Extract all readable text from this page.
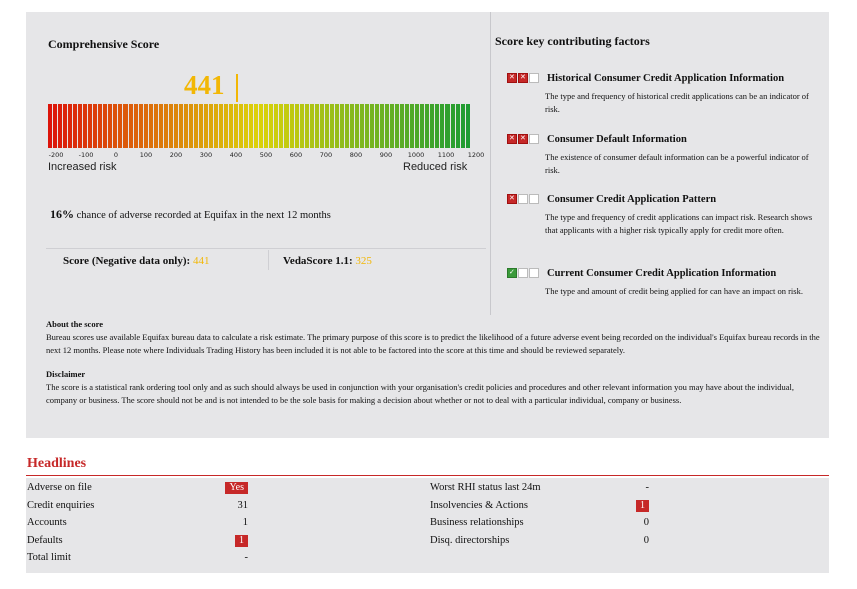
Comprehensive Score
441
-200 -100	0	100	200	300	400	500	600	700	800	900 1000 1100 1200
Increased risk	Reduced risk
16% chance of adverse recorded at Equifax in the next 12 months
Score (Negative data only): 441	VedaScore 1.1: 325
Score key contributing factors
✕
✕
Historical Consumer Credit Application Information
The type and frequency of historical credit applications can be an indicator of risk.
✕
✕
Consumer Default Information
The existence of consumer default information can be a powerful indicator of risk.
✕
Consumer Credit Application Pattern
The type and frequency of credit applications can impact risk. Research shows that applicants with a higher risk typically apply for credit more often.
✓
Current Consumer Credit Application Information
The type and amount of credit being applied for can have an impact on risk.
About the score
Bureau scores use available Equifax bureau data to calculate a risk estimate. The primary purpose of this score is to predict the likelihood of a future adverse event being recorded on the individual's Equifax bureau records in the next 12 months. Please note where Individuals Trading History has been included it is not able to be factored into the score at this time and should be reviewed separately.
Disclaimer
The score is a statistical rank ordering tool only and as such should always be used in conjunction with your organisation's credit policies and procedures and other relevant information you may have about the individual, company or business. The score should not be and is not intended to be the sole basis for making a decision about whether or not to deal with a particular individual, company or business.
Headlines
Adverse on file	Yes
Credit enquiries	31
Accounts	1
Defaults	1
Total limit	-
Worst RHI status last 24m	-
Insolvencies & Actions	1
Business relationships	0
Disq. directorships	0
